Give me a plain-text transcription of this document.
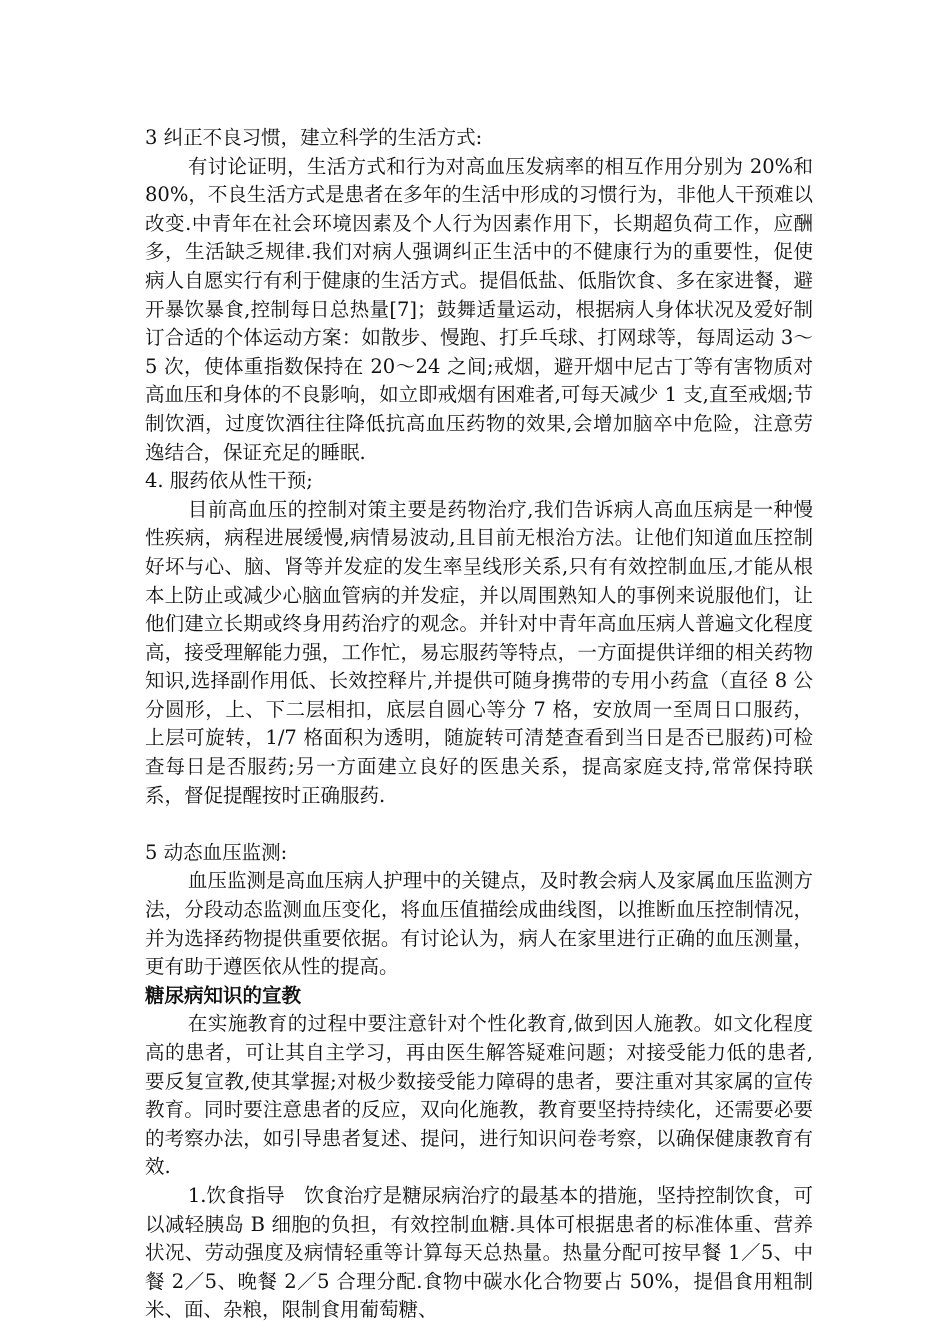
3 纠正不良习惯，建立科学的生活方式:

有讨论证明，生活方式和行为对高血压发病率的相互作用分别为 20%和 80%，不良生活方式是患者在多年的生活中形成的习惯行为，非他人干预难以改变.中青年在社会环境因素及个人行为因素作用下，长期超负荷工作，应酬多，生活缺乏规律.我们对病人强调纠正生活中的不健康行为的重要性，促使病人自愿实行有利于健康的生活方式。提倡低盐、低脂饮食、多在家进餐，避开暴饮暴食,控制每日总热量[7]；鼓舞适量运动，根据病人身体状况及爱好制订合适的个体运动方案：如散步、慢跑、打乒乓球、打网球等，每周运动 3～5 次，使体重指数保持在 20～24 之间;戒烟，避开烟中尼古丁等有害物质对高血压和身体的不良影响，如立即戒烟有困难者,可每天减少 1 支,直至戒烟;节制饮酒，过度饮酒往往降低抗高血压药物的效果,会增加脑卒中危险，注意劳逸结合，保证充足的睡眠.

4. 服药依从性干预;

目前高血压的控制对策主要是药物治疗,我们告诉病人高血压病是一种慢性疾病，病程进展缓慢,病情易波动,且目前无根治方法。让他们知道血压控制好坏与心、脑、肾等并发症的发生率呈线形关系,只有有效控制血压,才能从根本上防止或减少心脑血管病的并发症，并以周围熟知人的事例来说服他们，让他们建立长期或终身用药治疗的观念。并针对中青年高血压病人普遍文化程度高，接受理解能力强，工作忙，易忘服药等特点，一方面提供详细的相关药物知识,选择副作用低、长效控释片,并提供可随身携带的专用小药盒（直径 8 公分圆形，上、下二层相扣，底层自圆心等分 7 格，安放周一至周日口服药，上层可旋转，1/7 格面积为透明，随旋转可清楚查看到当日是否已服药)可检查每日是否服药;另一方面建立良好的医患关系，提高家庭支持,常常保持联系，督促提醒按时正确服药.

5 动态血压监测:

血压监测是高血压病人护理中的关键点，及时教会病人及家属血压监测方法，分段动态监测血压变化，将血压值描绘成曲线图，以推断血压控制情况，并为选择药物提供重要依据。有讨论认为，病人在家里进行正确的血压测量，更有助于遵医依从性的提高。

糖尿病知识的宣教

在实施教育的过程中要注意针对个性化教育,做到因人施教。如文化程度高的患者，可让其自主学习，再由医生解答疑难问题；对接受能力低的患者,要反复宣教,使其掌握;对极少数接受能力障碍的患者，要注重对其家属的宣传教育。同时要注意患者的反应，双向化施教，教育要坚持持续化，还需要必要的考察办法，如引导患者复述、提问，进行知识问卷考察，以确保健康教育有效.

1.饮食指导　饮食治疗是糖尿病治疗的最基本的措施，坚持控制饮食，可以减轻胰岛 B 细胞的负担，有效控制血糖.具体可根据患者的标准体重、营养状况、劳动强度及病情轻重等计算每天总热量。热量分配可按早餐 1／5、中餐 2／5、晚餐 2／5 合理分配.食物中碳水化合物要占 50%，提倡食用粗制米、面、杂粮，限制食用葡萄糖、
